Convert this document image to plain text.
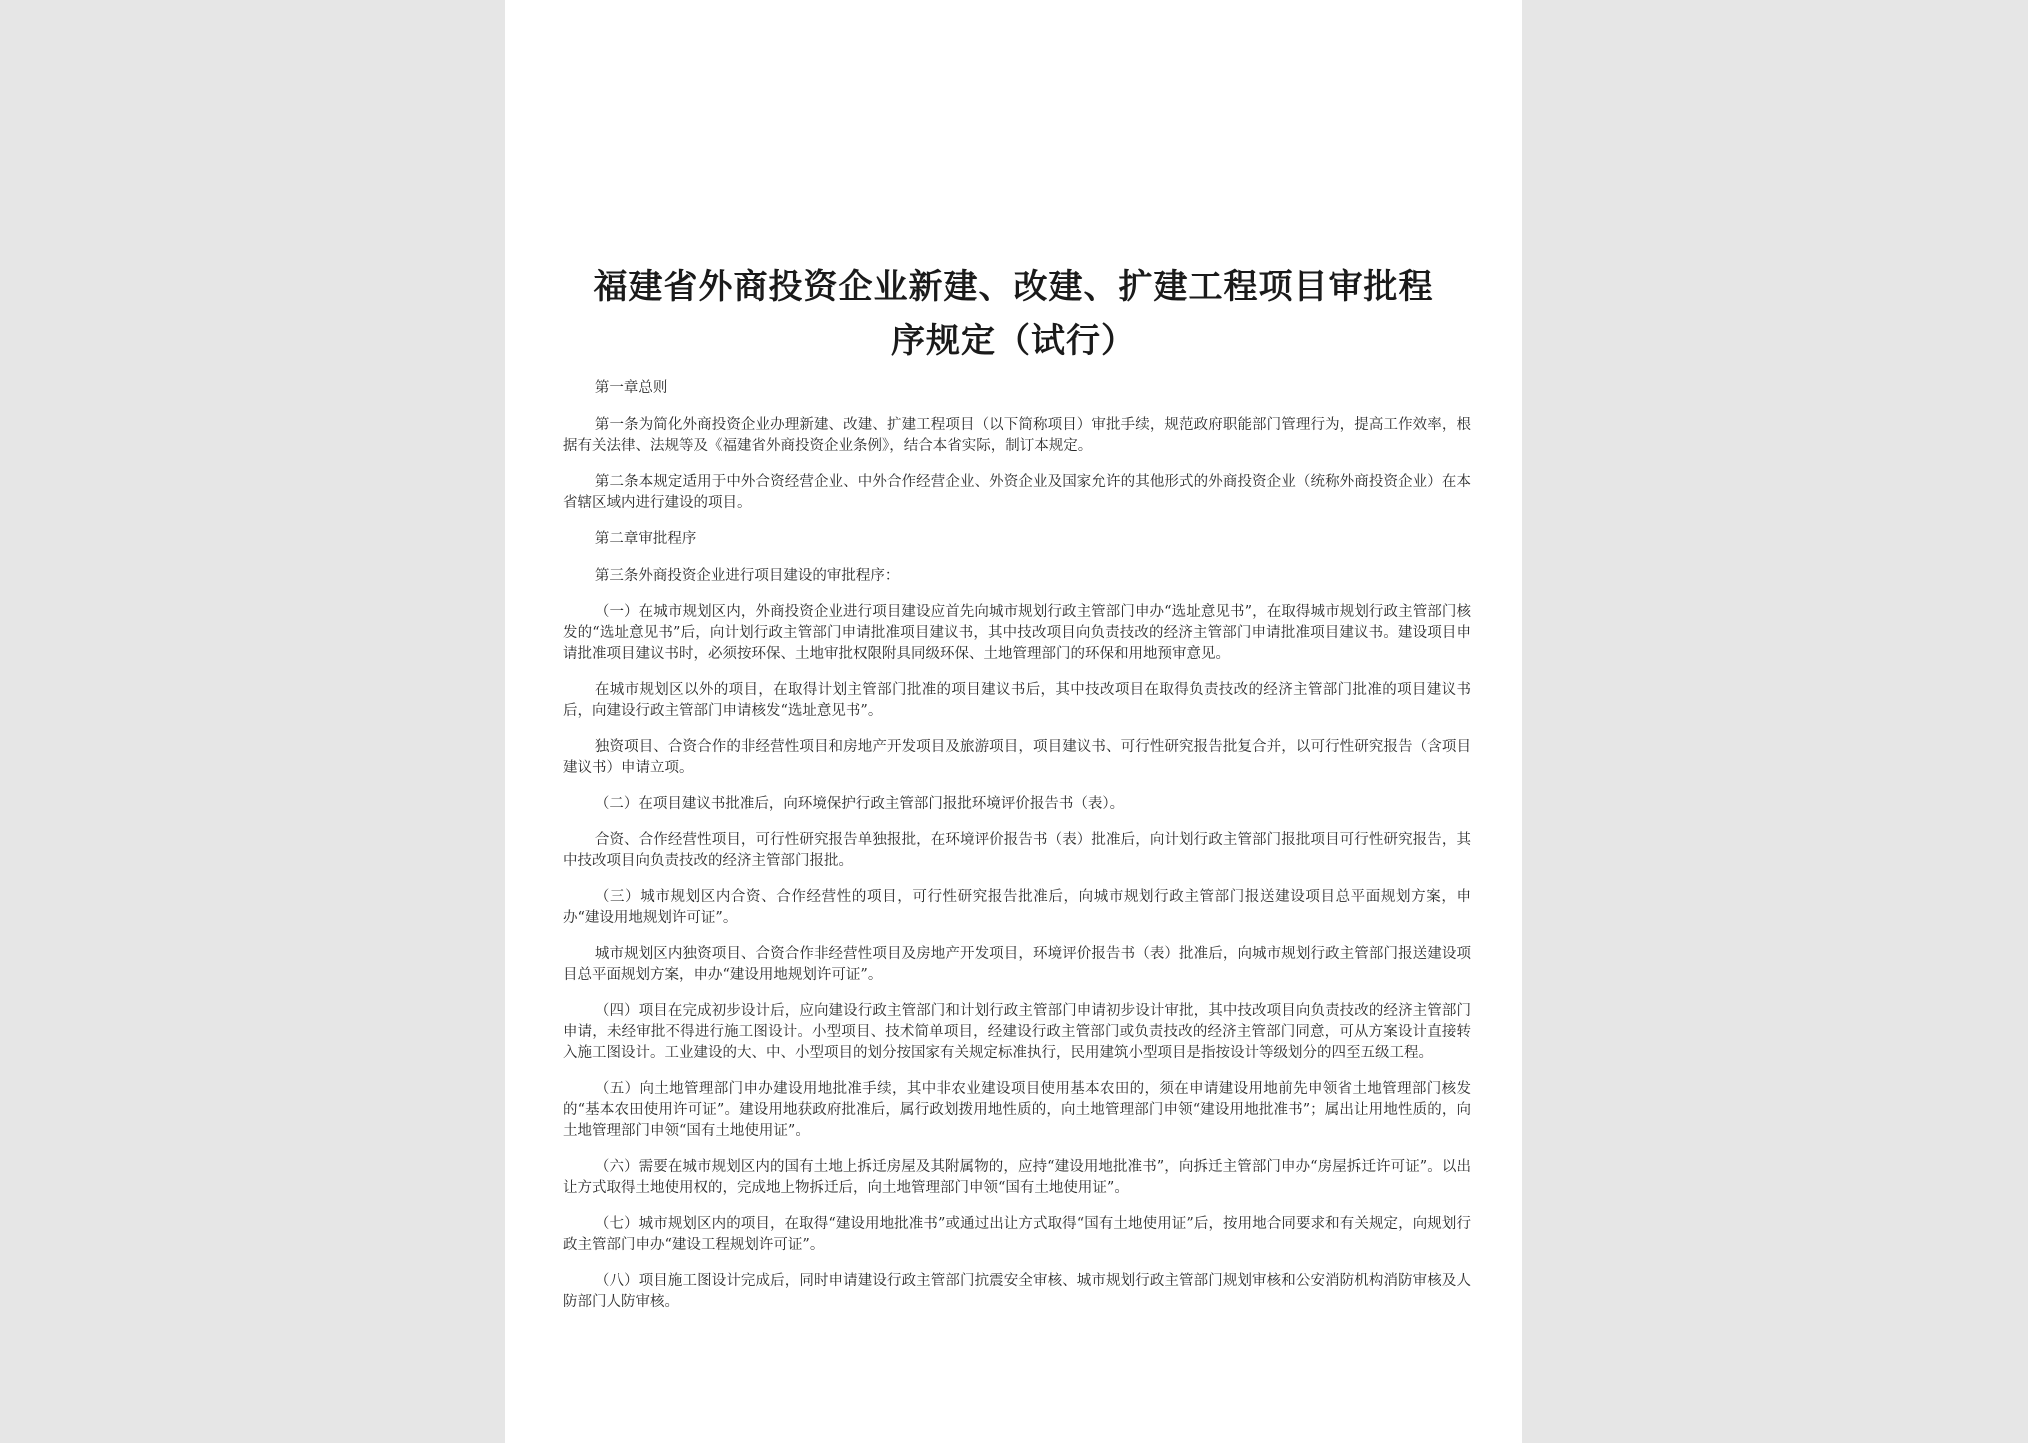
福建省外商投资企业新建、改建、扩建工程项目审批程
序规定（试行）

第一章总则

第一条为简化外商投资企业办理新建、改建、扩建工程项目（以下简称项目）审批手续，规范政府职能部门管理行为，提高工作效率，根据有关法律、法规等及《福建省外商投资企业条例》，结合本省实际，制订本规定。

第二条本规定适用于中外合资经营企业、中外合作经营企业、外资企业及国家允许的其他形式的外商投资企业（统称外商投资企业）在本省辖区域内进行建设的项目。

第二章审批程序

第三条外商投资企业进行项目建设的审批程序：

（一）在城市规划区内，外商投资企业进行项目建设应首先向城市规划行政主管部门申办“选址意见书”，在取得城市规划行政主管部门核发的“选址意见书”后，向计划行政主管部门申请批准项目建议书，其中技改项目向负责技改的经济主管部门申请批准项目建议书。建设项目申请批准项目建议书时，必须按环保、土地审批权限附具同级环保、土地管理部门的环保和用地预审意见。

在城市规划区以外的项目，在取得计划主管部门批准的项目建议书后，其中技改项目在取得负责技改的经济主管部门批准的项目建议书后，向建设行政主管部门申请核发“选址意见书”。

独资项目、合资合作的非经营性项目和房地产开发项目及旅游项目，项目建议书、可行性研究报告批复合并，以可行性研究报告（含项目建议书）申请立项。

（二）在项目建议书批准后，向环境保护行政主管部门报批环境评价报告书（表）。

合资、合作经营性项目，可行性研究报告单独报批，在环境评价报告书（表）批准后，向计划行政主管部门报批项目可行性研究报告，其中技改项目向负责技改的经济主管部门报批。

（三）城市规划区内合资、合作经营性的项目，可行性研究报告批准后，向城市规划行政主管部门报送建设项目总平面规划方案，申办“建设用地规划许可证”。

城市规划区内独资项目、合资合作非经营性项目及房地产开发项目，环境评价报告书（表）批准后，向城市规划行政主管部门报送建设项目总平面规划方案，申办“建设用地规划许可证”。

（四）项目在完成初步设计后，应向建设行政主管部门和计划行政主管部门申请初步设计审批，其中技改项目向负责技改的经济主管部门申请，未经审批不得进行施工图设计。小型项目、技术简单项目，经建设行政主管部门或负责技改的经济主管部门同意，可从方案设计直接转入施工图设计。工业建设的大、中、小型项目的划分按国家有关规定标准执行，民用建筑小型项目是指按设计等级划分的四至五级工程。

（五）向土地管理部门申办建设用地批准手续，其中非农业建设项目使用基本农田的，须在申请建设用地前先申领省土地管理部门核发的“基本农田使用许可证”。建设用地获政府批准后，属行政划拨用地性质的，向土地管理部门申领“建设用地批准书”；属出让用地性质的，向土地管理部门申领“国有土地使用证”。

（六）需要在城市规划区内的国有土地上拆迁房屋及其附属物的，应持“建设用地批准书”，向拆迁主管部门申办“房屋拆迁许可证”。以出让方式取得土地使用权的，完成地上物拆迁后，向土地管理部门申领“国有土地使用证”。

（七）城市规划区内的项目，在取得“建设用地批准书”或通过出让方式取得“国有土地使用证”后，按用地合同要求和有关规定，向规划行政主管部门申办“建设工程规划许可证”。

（八）项目施工图设计完成后，同时申请建设行政主管部门抗震安全审核、城市规划行政主管部门规划审核和公安消防机构消防审核及人防部门人防审核。
